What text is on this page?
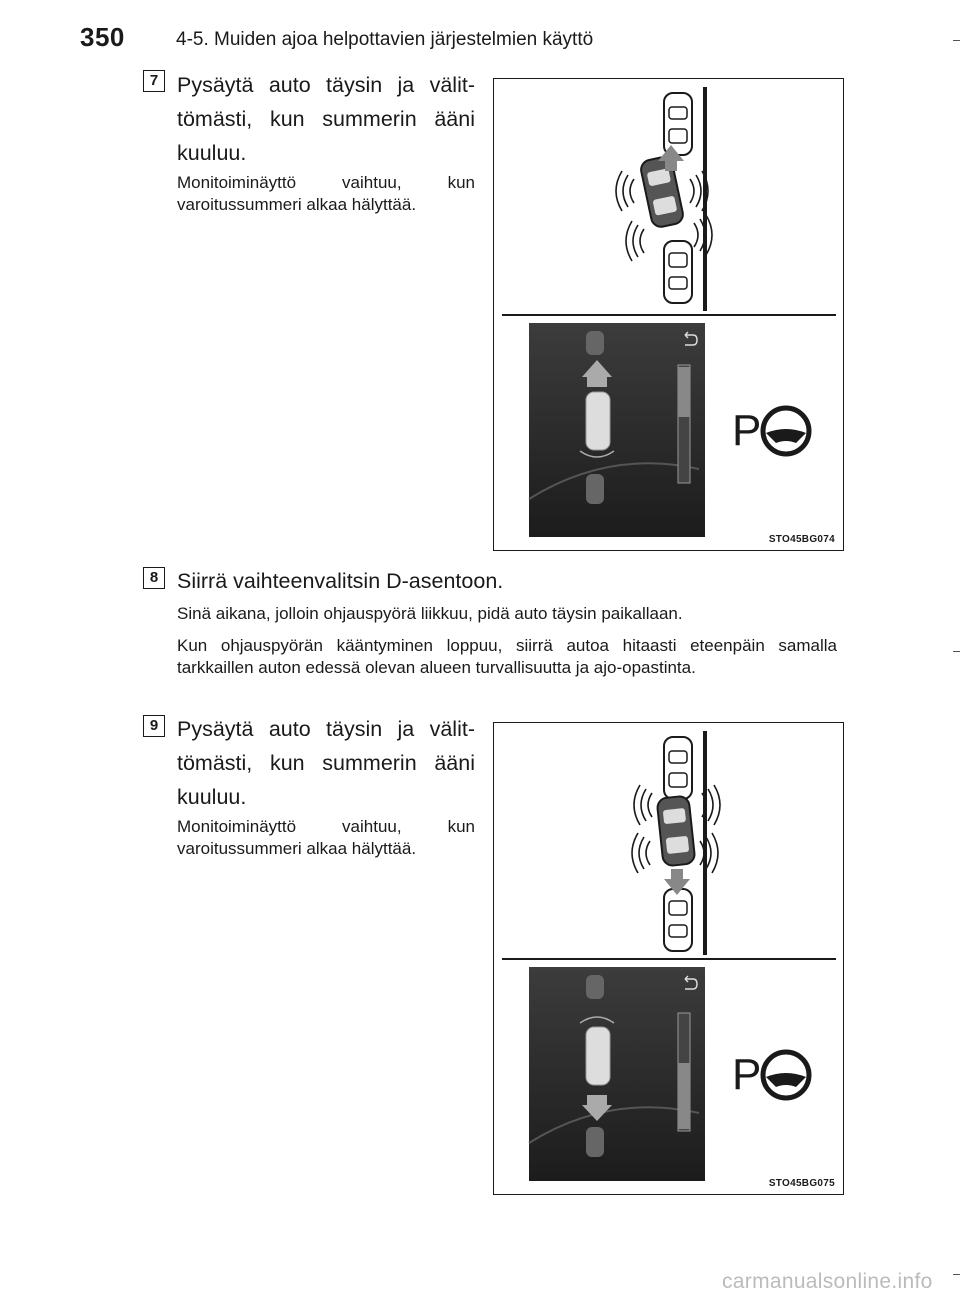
350	4-5. Muiden ajoa helpottavien järjestelmien käyttö
7 Pysäytä auto täysin ja välit-tömästi, kun summerin ääni kuuluu.
Monitoiminäyttö vaihtuu, kun varoitussummeri alkaa hälyttää.
P
STO45BG074
8 Siirrä vaihteenvalitsin D-asentoon.

Sinä aikana, jolloin ohjauspyörä liikkuu, pidä auto täysin paikallaan.

Kun ohjauspyörän kääntyminen loppuu, siirrä autoa hitaasti eteenpäin samalla tarkkaillen auton edessä olevan alueen turvallisuutta ja ajo-opastinta.

9 Pysäytä auto täysin ja välit-tömästi, kun summerin ääni kuuluu.
Monitoiminäyttö vaihtuu, kun varoitussummeri alkaa hälyttää.
P
STO45BG075
carmanualsonline.info
